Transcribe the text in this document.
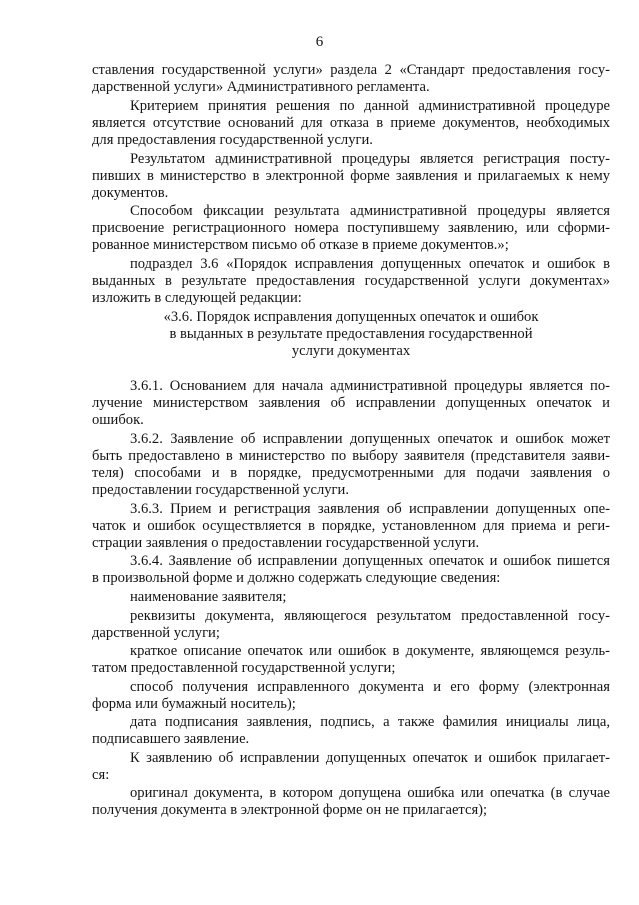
6
ставления государственной услуги» раздела 2 «Стандарт предоставления госу-
дарственной услуги» Административного регламента.
Критерием принятия решения по данной административной процедуре
является отсутствие оснований для отказа в приеме документов, необходимых
для предоставления государственной услуги.
Результатом административной процедуры является регистрация посту-
пивших в министерство в электронной форме заявления и прилагаемых к нему
документов.
Способом фиксации результата административной процедуры является
присвоение регистрационного номера поступившему заявлению, или сформи-
рованное министерством письмо об отказе в приеме документов.»;
подраздел 3.6 «Порядок исправления допущенных опечаток и ошибок в
выданных в результате предоставления государственной услуги документах»
изложить в следующей редакции:
«3.6. Порядок исправления допущенных опечаток и ошибок
в выданных в результате предоставления государственной
услуги документах
3.6.1. Основанием для начала административной процедуры является по-
лучение министерством заявления об исправлении допущенных опечаток и
ошибок.
3.6.2. Заявление об исправлении допущенных опечаток и ошибок может
быть предоставлено в министерство по выбору заявителя (представителя заяви-
теля) способами и в порядке, предусмотренными для подачи заявления о
предоставлении государственной услуги.
3.6.3. Прием и регистрация заявления об исправлении допущенных опе-
чаток и ошибок осуществляется в порядке, установленном для приема и реги-
страции заявления о предоставлении государственной услуги.
3.6.4. Заявление об исправлении допущенных опечаток и ошибок пишется
в произвольной форме и должно содержать следующие сведения:
наименование заявителя;
реквизиты документа, являющегося результатом предоставленной госу-
дарственной услуги;
краткое описание опечаток или ошибок в документе, являющемся резуль-
татом предоставленной государственной услуги;
способ получения исправленного документа и его форму (электронная
форма или бумажный носитель);
дата подписания заявления, подпись, а также фамилия инициалы лица,
подписавшего заявление.
К заявлению об исправлении допущенных опечаток и ошибок прилагает-
ся:
оригинал документа, в котором допущена ошибка или опечатка (в случае
получения документа в электронной форме он не прилагается);
